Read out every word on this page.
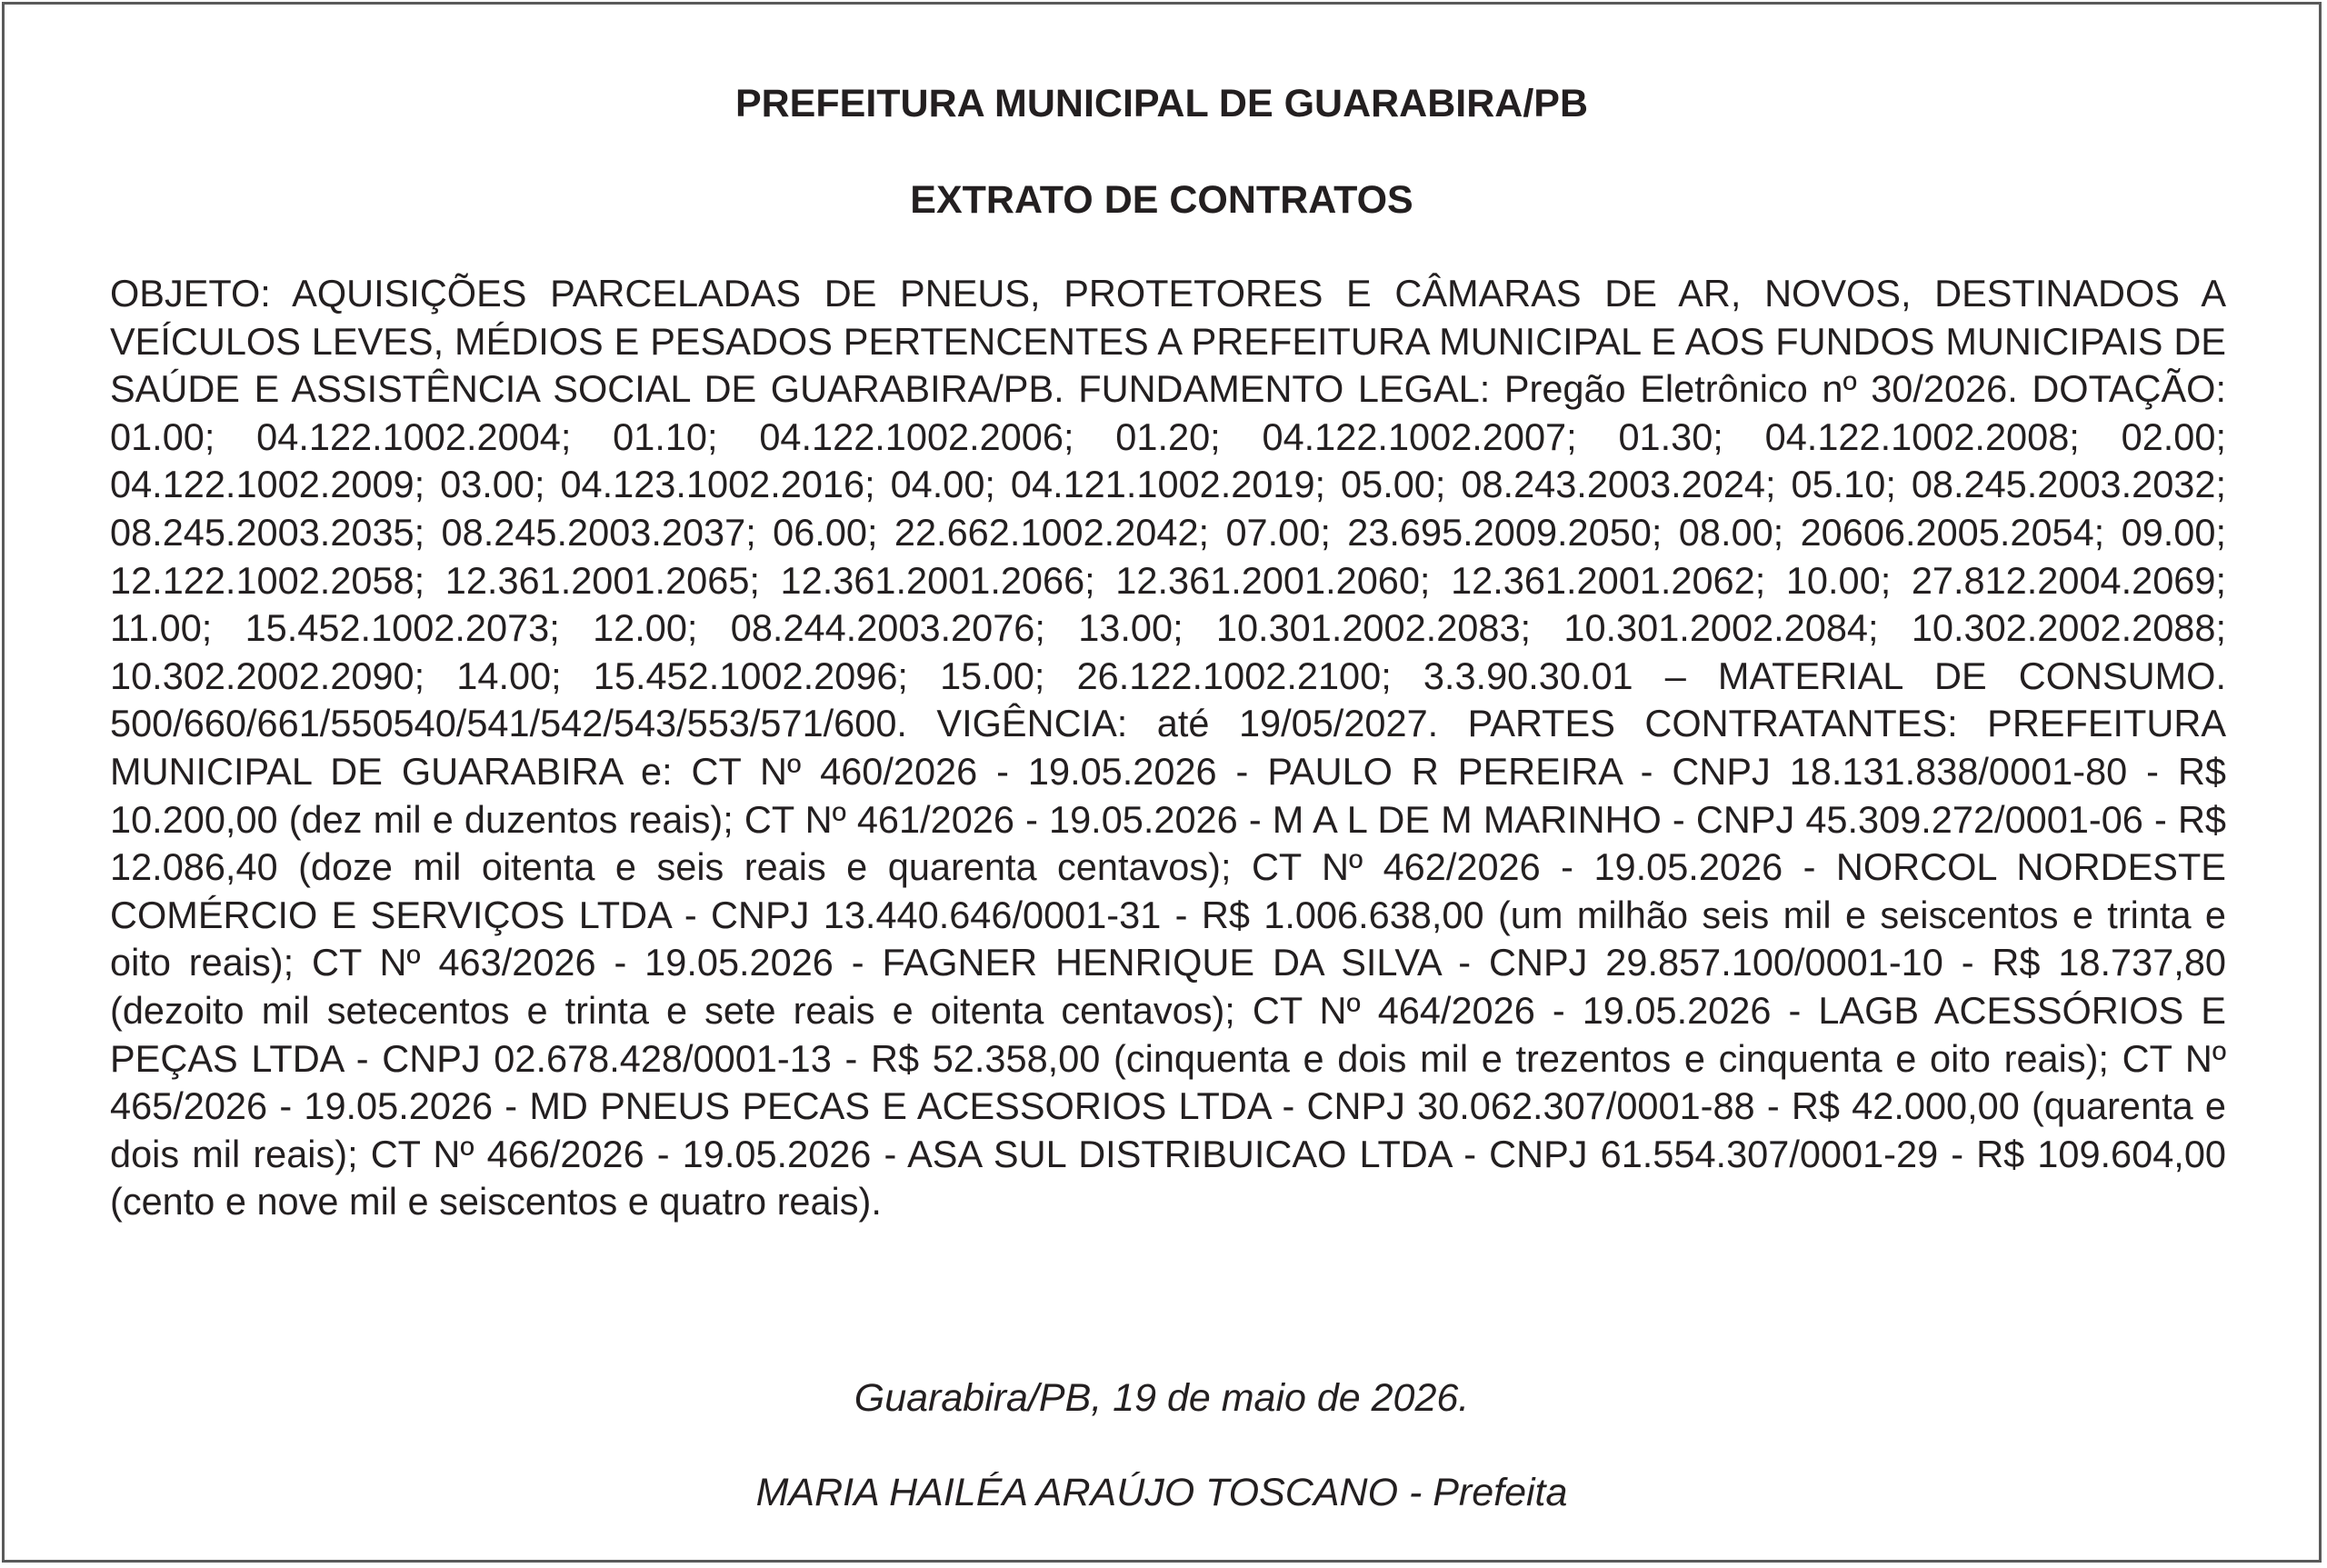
PREFEITURA MUNICIPAL DE GUARABIRA/PB
EXTRATO DE CONTRATOS

OBJETO: AQUISIÇÕES PARCELADAS DE PNEUS, PROTETORES E CÂMARAS DE AR, NOVOS, DESTINADOS A VEÍCULOS LEVES, MÉDIOS E PESADOS PERTENCENTES A PREFEITURA MUNICIPAL E AOS FUNDOS MUNICIPAIS DE SAÚDE E ASSISTÊNCIA SOCIAL DE GUARABIRA/PB. FUNDAMENTO LEGAL: Pregão Eletrônico nº 30/2026. DOTAÇÃO: 01.00; 04.122.1002.2004; 01.10; 04.122.1002.2006; 01.20; 04.122.1002.2007; 01.30; 04.122.1002.2008; 02.00; 04.122.1002.2009; 03.00; 04.123.1002.2016; 04.00; 04.121.1002.2019; 05.00; 08.243.2003.2024; 05.10; 08.245.2003.2032; 08.245.2003.2035; 08.245.2003.2037; 06.00; 22.662.1002.2042; 07.00; 23.695.2009.2050; 08.00; 20606.2005.2054; 09.00; 12.122.1002.2058; 12.361.2001.2065; 12.361.2001.2066; 12.361.2001.2060; 12.361.2001.2062; 10.00; 27.812.2004.2069; 11.00; 15.452.1002.2073; 12.00; 08.244.2003.2076; 13.00; 10.301.2002.2083; 10.301.2002.2084; 10.302.2002.2088; 10.302.2002.2090; 14.00; 15.452.1002.2096; 15.00; 26.122.1002.2100; 3.3.90.30.01 – MATERIAL DE CONSUMO. 500/660/661/550540/541/542/543/553/571/600. VIGÊNCIA: até 19/05/2027. PARTES CONTRATANTES: PREFEITURA MUNICIPAL DE GUARABIRA e: CT Nº 460/2026 - 19.05.2026 - PAULO R PEREIRA - CNPJ 18.131.838/0001-80 - R$ 10.200,00 (dez mil e duzentos reais); CT Nº 461/2026 - 19.05.2026 - M A L DE M MARINHO - CNPJ 45.309.272/0001-06 - R$ 12.086,40 (doze mil oitenta e seis reais e quarenta centavos); CT Nº 462/2026 - 19.05.2026 - NORCOL NORDESTE COMÉRCIO E SERVIÇOS LTDA - CNPJ 13.440.646/0001-31 - R$ 1.006.638,00 (um milhão seis mil e seiscentos e trinta e oito reais); CT Nº 463/2026 - 19.05.2026 - FAGNER HENRIQUE DA SILVA - CNPJ 29.857.100/0001-10 - R$ 18.737,80 (dezoito mil setecentos e trinta e sete reais e oitenta centavos); CT Nº 464/2026 - 19.05.2026 - LAGB ACESSÓRIOS E PEÇAS LTDA - CNPJ 02.678.428/0001-13 - R$ 52.358,00 (cinquenta e dois mil e trezentos e cinquenta e oito reais); CT Nº 465/2026 - 19.05.2026 - MD PNEUS PECAS E ACESSORIOS LTDA - CNPJ 30.062.307/0001-88 - R$ 42.000,00 (quarenta e dois mil reais); CT Nº 466/2026 - 19.05.2026 - ASA SUL DISTRIBUICAO LTDA - CNPJ 61.554.307/0001-29 - R$ 109.604,00 (cento e nove mil e seiscentos e quatro reais).

Guarabira/PB, 19 de maio de 2026.

MARIA HAILÉA ARAÚJO TOSCANO - Prefeita
